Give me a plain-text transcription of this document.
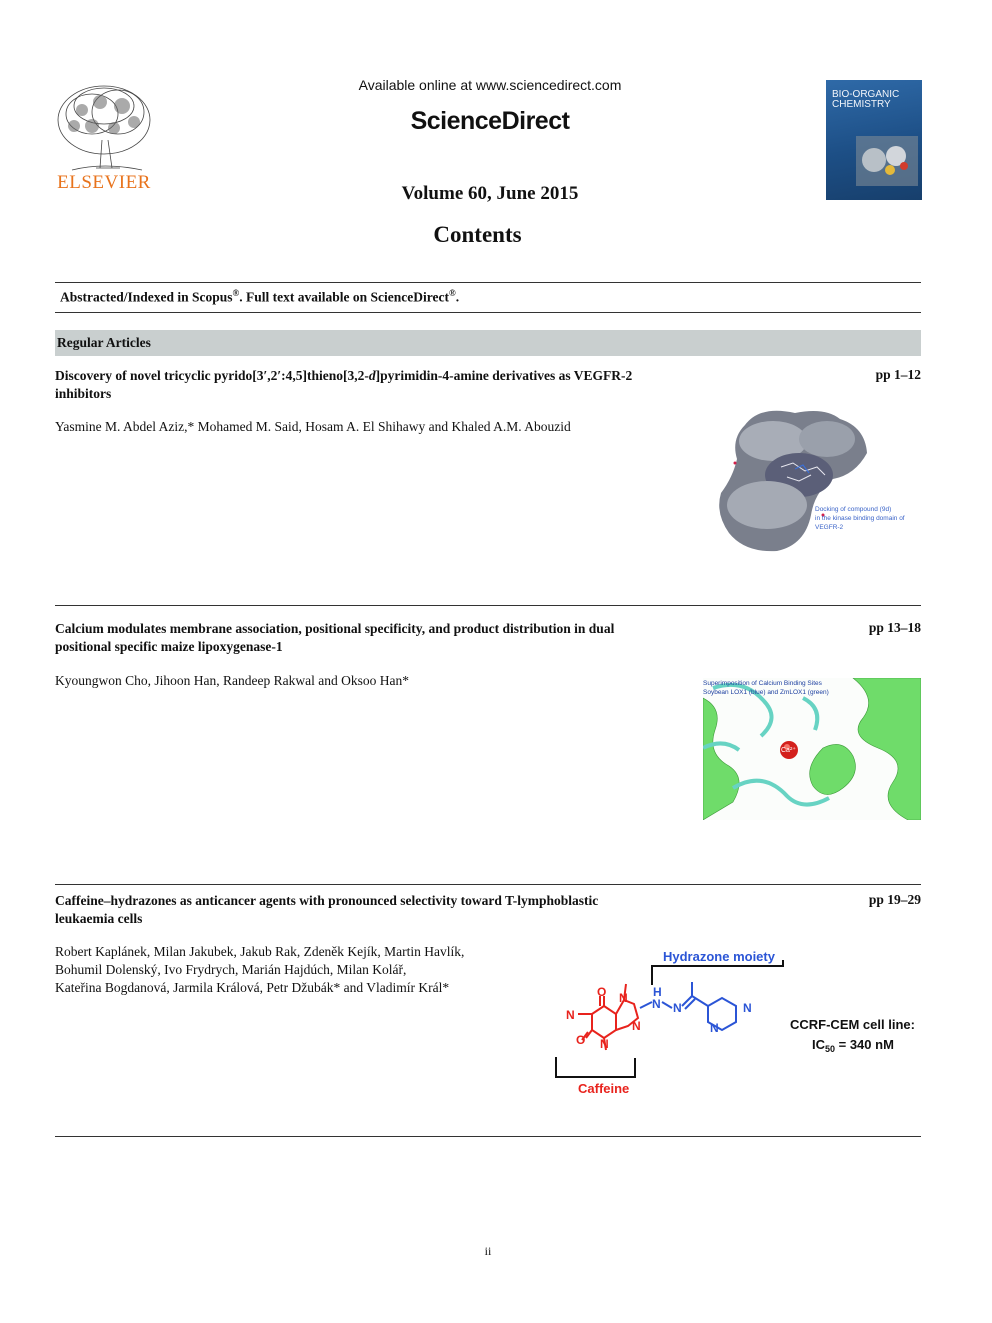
ELSEVIER
Available online at www.sciencedirect.com
ScienceDirect
BIO-ORGANIC CHEMISTRY
Volume 60, June 2015
Contents
Abstracted/Indexed in Scopus®. Full text available on ScienceDirect®.
Regular Articles
Discovery of novel tricyclic pyrido[3′,2′:4,5]thieno[3,2-d]pyrimidin-4-amine derivatives as VEGFR-2
inhibitors
pp 1–12
Yasmine M. Abdel Aziz,* Mohamed M. Said, Hosam A. El Shihawy and Khaled A.M. Abouzid
Docking of compound (9d)
in the kinase binding domain of VEGFR-2
Calcium modulates membrane association, positional specificity, and product distribution in dual
positional specific maize lipoxygenase-1
pp 13–18
Kyoungwon Cho, Jihoon Han, Randeep Rakwal and Oksoo Han*
Ca²⁺
Superimposition of Calcium Binding Sites
Soybean LOX1 (blue) and ZmLOX1 (green)
Caffeine–hydrazones as anticancer agents with pronounced selectivity toward T-lymphoblastic
leukaemia cells
pp 19–29
Robert Kaplánek, Milan Jakubek, Jakub Rak, Zdeněk Kejík, Martin Havlík,
Bohumil Dolenský, Ivo Frydrych, Marián Hajdúch, Milan Kolář,
Kateřina Bogdanová, Jarmila Králová, Petr Džubák* and Vladimír Král*
Hydrazone moiety
Caffeine
O
O
N
N
N
N
H
N N
N
N
CCRF-CEM cell line:
$IC_{50} = 340$ nM
ii
